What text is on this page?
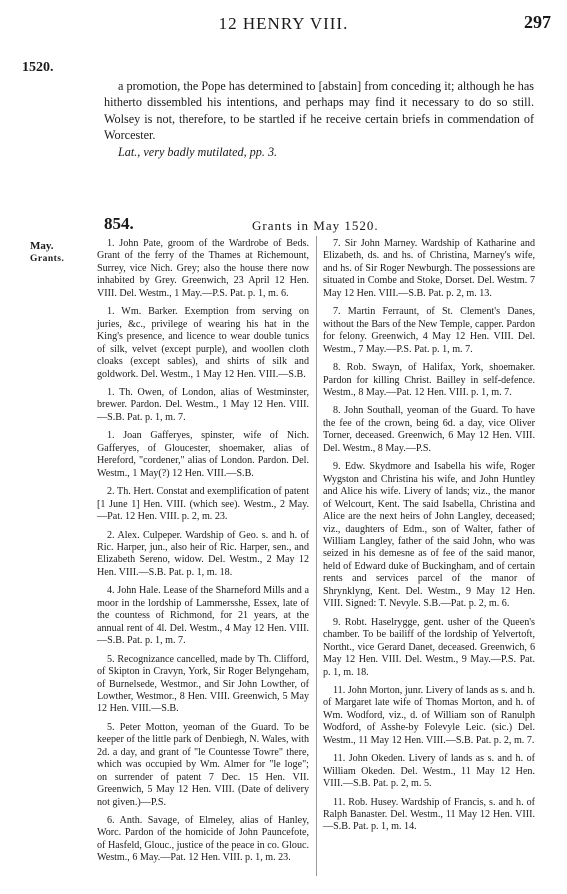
12 HENRY VIII.	297
1520.

a promotion, the Pope has determined to [abstain] from conceding it; although he has hitherto dissembled his intentions, and perhaps may find it necessary to do so still. Wolsey is not, therefore, to be startled if he receive certain briefs in commendation of Worcester.

Lat., very badly mutilated, pp. 3.

854.	Grants in May 1520.
May.
Grants.

1. John Pate, groom of the Wardrobe of Beds. Grant of the ferry of the Thames at Richemount, Surrey, vice Nich. Grey; also the house there now inhabited by Grey. Greenwich, 23 April 12 Hen. VIII. Del. Westm., 1 May.—P.S. Pat. p. 1, m. 6.

1. Wm. Barker. Exemption from serving on juries, &c., privilege of wearing his hat in the King's presence, and licence to wear double tunics of silk, velvet (except purple), and woollen cloth cloaks (except sables), and shirts of silk and goldwork. Del. Westm., 1 May 12 Hen. VIII.—S.B.

1. Th. Owen, of London, alias of Westminster, brewer. Pardon. Del. Westm., 1 May 12 Hen. VIII.—S.B. Pat. p. 1, m. 7.

1. Joan Gafferyes, spinster, wife of Nich. Gafferyes, of Gloucester, shoemaker, alias of Hereford, "cordener," alias of London. Pardon. Del. Westm., 1 May(?) 12 Hen. VIII.—S.B.

2. Th. Hert. Constat and exemplification of patent [1 June 1] Hen. VIII. (which see). Westm., 2 May.—Pat. 12 Hen. VIII. p. 2, m. 23.

2. Alex. Culpeper. Wardship of Geo. s. and h. of Ric. Harper, jun., also heir of Ric. Harper, sen., and Elizabeth Sereno, widow. Del. Westm., 2 May 12 Hen. VIII.—S.B. Pat. p. 1, m. 18.

4. John Hale. Lease of the Sharneford Mills and a moor in the lordship of Lammersshe, Essex, late of the countess of Richmond, for 21 years, at the annual rent of 4l. Del. Westm., 4 May 12 Hen. VIII.—S.B. Pat. p. 1, m. 7.

5. Recognizance cancelled, made by Th. Clifford, of Skipton in Cravyn, York, Sir Roger Belyngeham, of Burnelsede, Westmor., and Sir John Lowther, of Lowther, Westmor., 8 Hen. VIII. Greenwich, 5 May 12 Hen. VIII.—S.B.

5. Peter Motton, yeoman of the Guard. To be keeper of the little park of Denbiegh, N. Wales, with 2d. a day, and grant of "le Countesse Towre" there, which was occupied by Wm. Almer for "le loge"; on surrender of patent 7 Dec. 15 Hen. VII. Greenwich, 5 May 12 Hen. VIII. (Date of delivery not given.)—P.S.

6. Anth. Savage, of Elmeley, alias of Hanley, Worc. Pardon of the homicide of John Pauncefote, of Hasfeld, Glouc., justice of the peace in co. Glouc. Westm., 6 May.—Pat. 12 Hen. VIII. p. 1, m. 23.

7. Sir John Marney. Wardship of Katharine and Elizabeth, ds. and hs. of Christina, Marney's wife, and hs. of Sir Roger Newburgh. The possessions are situated in Combe and Stoke, Dorset. Del. Westm. 7 May 12 Hen. VIII.—S.B. Pat. p. 2, m. 13.

7. Martin Ferraunt, of St. Clement's Danes, without the Bars of the New Temple, capper. Pardon for felony. Greenwich, 4 May 12 Hen. VIII. Del. Westm., 7 May.—P.S. Pat. p. 1, m. 7.

8. Rob. Swayn, of Halifax, York, shoemaker. Pardon for killing Christ. Bailley in self-defence. Westm., 8 May.—Pat. 12 Hen. VIII. p. 1, m. 7.

8. John Southall, yeoman of the Guard. To have the fee of the crown, being 6d. a day, vice Oliver Torner, deceased. Greenwich, 6 May 12 Hen. VIII. Del. Westm., 8 May.—P.S.

9. Edw. Skydmore and Isabella his wife, Roger Wygston and Christina his wife, and John Huntley and Alice his wife. Livery of lands; viz., the manor of Welcourt, Kent. The said Isabella, Christina and Alice are the next heirs of John Langley, deceased; viz., daughters of Edm., son of Walter, father of William Langley, father of the said John, who was seized in his demesne as of fee of the said manor, held of Edward duke of Buckingham, and of certain rents and services parcel of the manor of Shrynklyng, Kent. Del. Westm., 9 May 12 Hen. VIII. Signed: T. Nevyle. S.B.—Pat. p. 2, m. 6.

9. Robt. Haselrygge, gent. usher of the Queen's chamber. To be bailiff of the lordship of Yelvertoft, Northt., vice Gerard Danet, deceased. Greenwich, 6 May 12 Hen. VIII. Del. Westm., 9 May.—P.S. Pat. p. 1, m. 18.

11. John Morton, junr. Livery of lands as s. and h. of Margaret late wife of Thomas Morton, and h. of Wm. Wodford, viz., d. of William son of Ranulph Wodford, of Asshe-by Folevyle Leic. (sic.) Del. Westm., 11 May 12 Hen. VIII.—S.B. Pat. p. 2, m. 7.

11. John Okeden. Livery of lands as s. and h. of William Okeden. Del. Westm., 11 May 12 Hen. VIII.—S.B. Pat. p. 2, m. 5.

11. Rob. Husey. Wardship of Francis, s. and h. of Ralph Banaster. Del. Westm., 11 May 12 Hen. VIII.—S.B. Pat. p. 1, m. 14.
